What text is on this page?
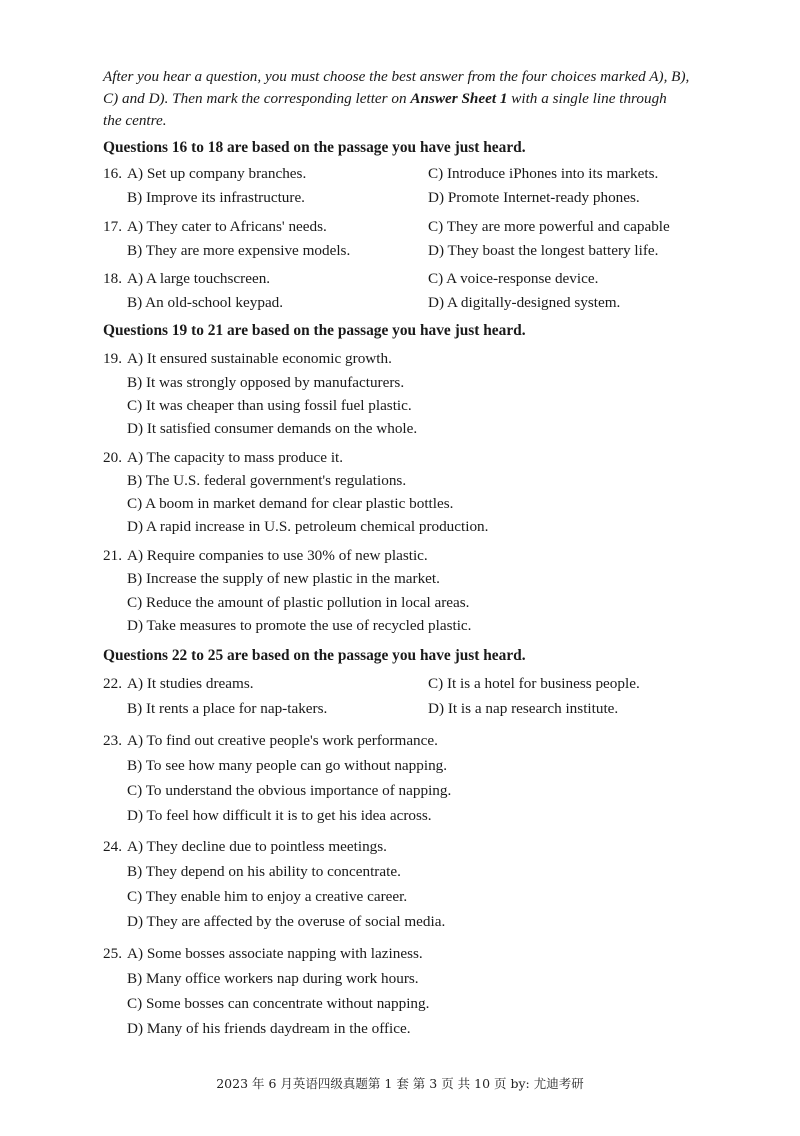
After you hear a question, you must choose the best answer from the four choices marked A), B),
C) and D). Then mark the corresponding letter on Answer Sheet 1 with a single line through
the centre.
Questions 16 to 18 are based on the passage you have just heard.
16. A) Set up company branches.	C) Introduce iPhones into its markets.
B) Improve its infrastructure.	D) Promote Internet-ready phones.
17. A) They cater to Africans' needs.	C) They are more powerful and capable
B) They are more expensive models.	D) They boast the longest battery life.
18. A) A large touchscreen.	C) A voice-response device.
B) An old-school keypad.	D) A digitally-designed system.
Questions 19 to 21 are based on the passage you have just heard.
19. A) It ensured sustainable economic growth.
B) It was strongly opposed by manufacturers.
C) It was cheaper than using fossil fuel plastic.
D) It satisfied consumer demands on the whole.
20. A) The capacity to mass produce it.
B) The U.S. federal government's regulations.
C) A boom in market demand for clear plastic bottles.
D) A rapid increase in U.S. petroleum chemical production.
21. A) Require companies to use 30% of new plastic.
B) Increase the supply of new plastic in the market.
C) Reduce the amount of plastic pollution in local areas.
D) Take measures to promote the use of recycled plastic.
Questions 22 to 25 are based on the passage you have just heard.
22. A) It studies dreams.	C) It is a hotel for business people.
B) It rents a place for nap-takers.	D) It is a nap research institute.
23. A) To find out creative people's work performance.
B) To see how many people can go without napping.
C) To understand the obvious importance of napping.
D) To feel how difficult it is to get his idea across.
24. A) They decline due to pointless meetings.
B) They depend on his ability to concentrate.
C) They enable him to enjoy a creative career.
D) They are affected by the overuse of social media.
25. A) Some bosses associate napping with laziness.
B) Many office workers nap during work hours.
C) Some bosses can concentrate without napping.
D) Many of his friends daydream in the office.
2023 年 6 月英语四级真题第 1 套 第 3 页 共 10 页 by: 尤迪考研
